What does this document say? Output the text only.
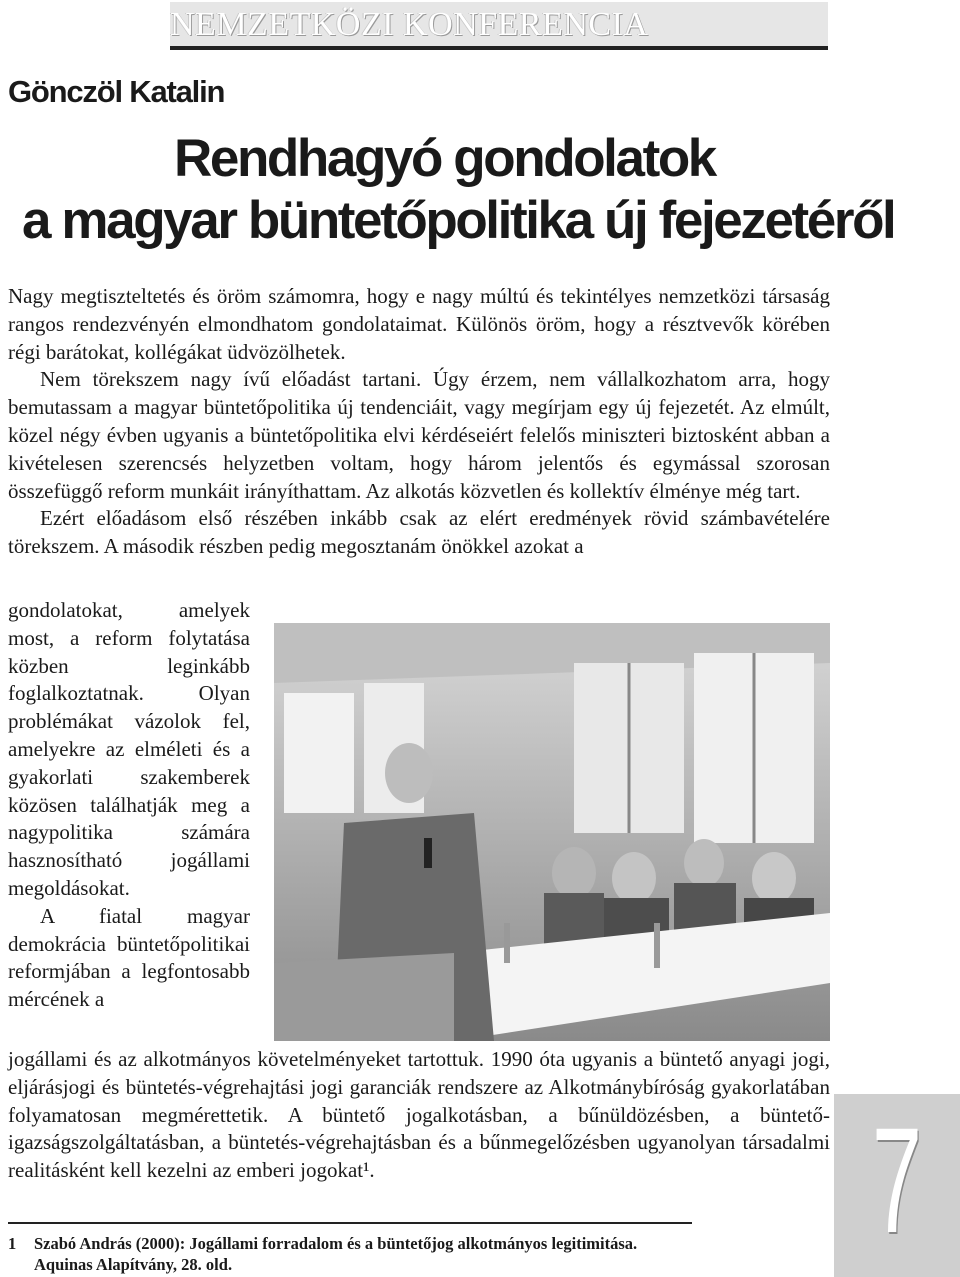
NEMZETKÖZI KONFERENCIA
Gönczöl Katalin
Rendhagyó gondolatok
a magyar büntetőpolitika új fejezetéről

Nagy megtiszteltetés és öröm számomra, hogy e nagy múltú és tekintélyes nemzetközi társaság rangos rendezvényén elmondhatom gondolataimat. Különös öröm, hogy a résztvevők körében régi barátokat, kollégákat üdvözölhetek.

Nem törekszem nagy ívű előadást tartani. Úgy érzem, nem vállalkozhatom arra, hogy bemutassam a magyar büntetőpolitika új tendenciáit, vagy megírjam egy új fejezetét. Az elmúlt, közel négy évben ugyanis a büntetőpolitika elvi kérdéseiért felelős miniszteri biztosként abban a kivételesen szerencsés helyzetben voltam, hogy három jelentős és egymással szorosan összefüggő reform munkáit irányíthattam. Az alkotás közvetlen és kollektív élménye még tart.

Ezért előadásom első részében inkább csak az elért eredmények rövid számbavételére törekszem. A második részben pedig megosztanám önökkel azokat a

gondolatokat, amelyek most, a reform folytatása közben leginkább foglalkoztatnak. Olyan problémákat vázolok fel, amelyekre az elméleti és a gyakorlati szakemberek közösen találhatják meg a nagypolitika számára hasznosítható jogállami megoldásokat.

A fiatal magyar demokrácia büntetőpolitikai reformjában a legfontosabb mércének a

jogállami és az alkotmányos követelményeket tartottuk. 1990 óta ugyanis a büntető anyagi jogi, eljárásjogi és büntetés-végrehajtási jogi garanciák rendszere az Alkotmánybíróság gyakorlatában folyamatosan megmérettetik. A büntető jogalkotásban, a bűnüldözésben, a büntető-igazságszolgáltatásban, a büntetés-végrehajtásban és a bűnmegelőzésben ugyanolyan társadalmi realitásként kell kezelni az emberi jogokat¹.

1 Szabó András (2000): Jogállami forradalom és a büntetőjog alkotmányos legitimitása.
Aquinas Alapítvány, 28. old.
7
